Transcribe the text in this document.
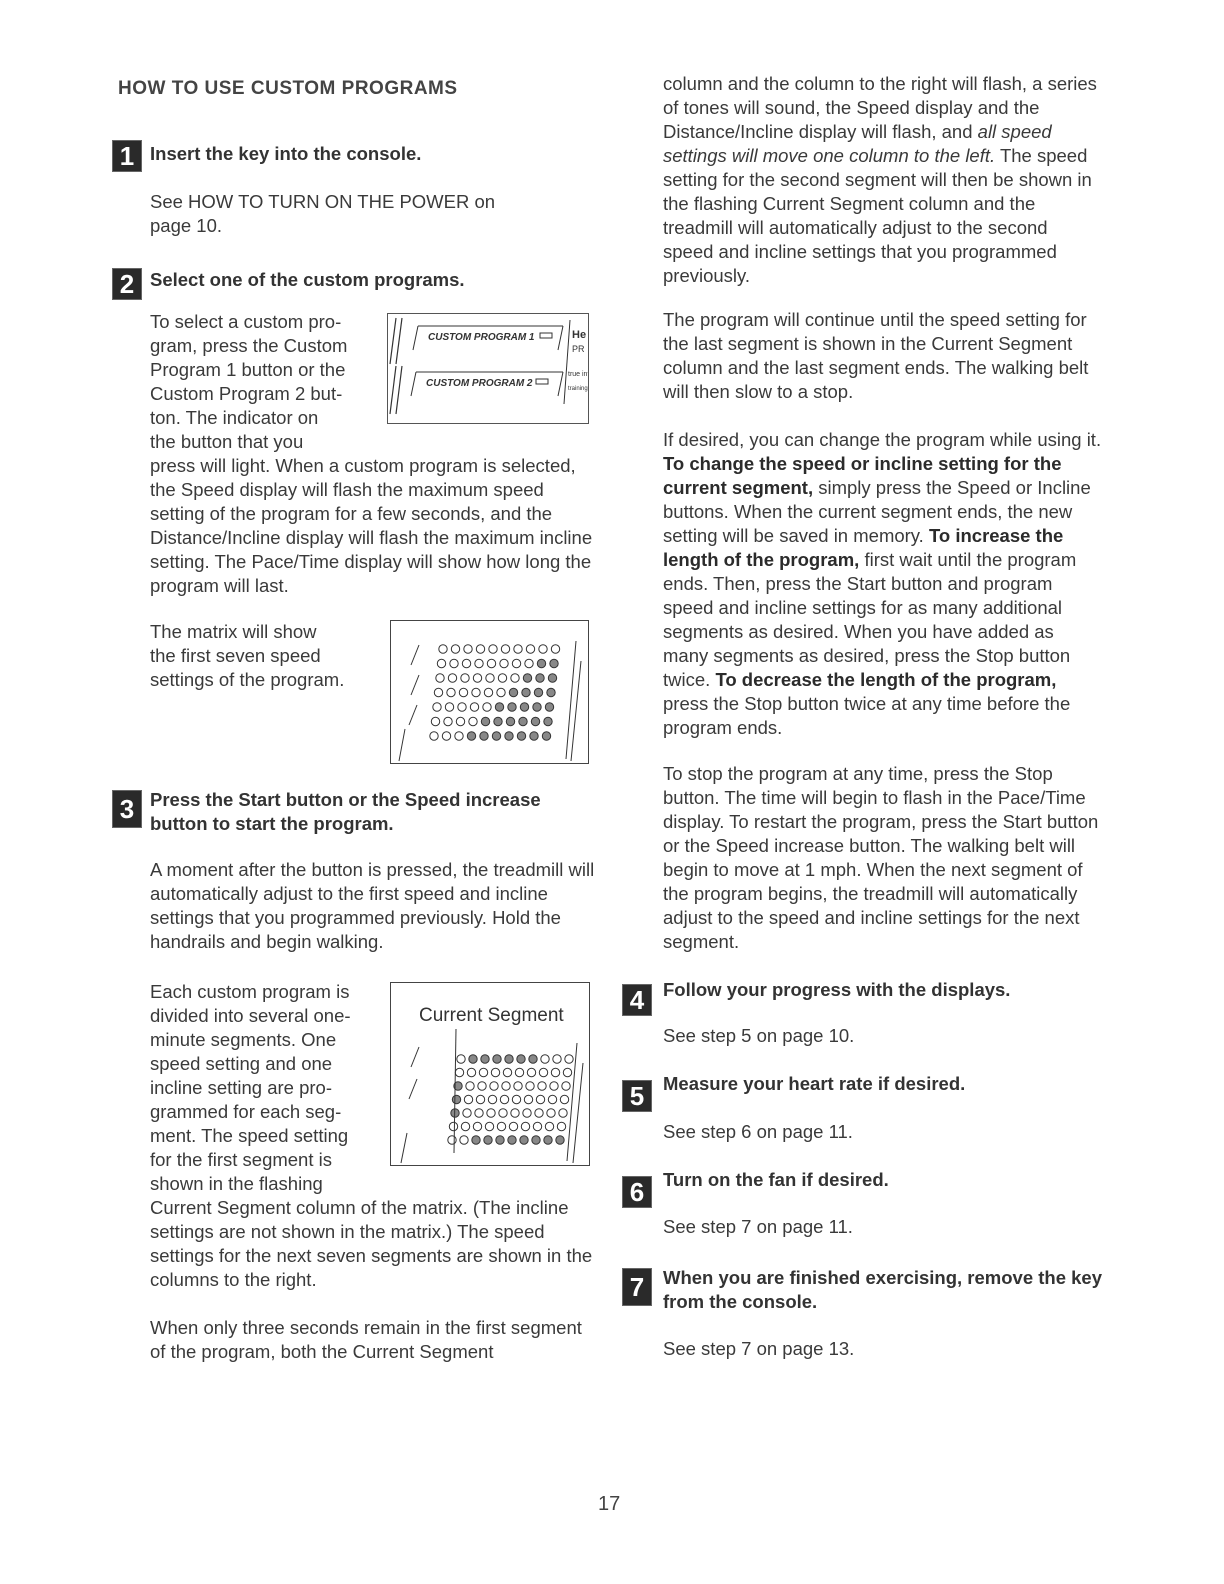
HOW TO USE CUSTOM PROGRAMS
1 Insert the key into the console.
See HOW TO TURN ON THE POWER on page 10.
2 Select one of the custom programs.
To select a custom pro-
gram, press the Custom
Program 1 button or the
Custom Program 2 but-
ton. The indicator on
the button that you
press will light. When a custom program is selected, the Speed display will flash the maximum speed setting of the program for a few seconds, and the Distance/Incline display will flash the maximum incline setting. The Pace/Time display will show how long the program will last.
CUSTOM PROGRAM 1
CUSTOM PROGRAM 2
He
PR
true int
training
The matrix will show
the first seven speed
settings of the program.
3 Press the Start button or the Speed increase button to start the program.
A moment after the button is pressed, the treadmill will automatically adjust to the first speed and incline settings that you programmed previously. Hold the handrails and begin walking.
Each custom program is
divided into several one-
minute segments. One
speed setting and one
incline setting are pro-
grammed for each seg-
ment. The speed setting
for the first segment is
shown in the flashing
Current Segment column of the matrix. (The incline settings are not shown in the matrix.) The speed settings for the next seven segments are shown in the columns to the right.
Current Segment
When only three seconds remain in the first segment of the program, both the Current Segment
column and the column to the right will flash, a series of tones will sound, the Speed display and the Distance/Incline display will flash, and all speed settings will move one column to the left. The speed setting for the second segment will then be shown in the flashing Current Segment column and the treadmill will automatically adjust to the second speed and incline settings that you programmed previously.
The program will continue until the speed setting for the last segment is shown in the Current Segment column and the last segment ends. The walking belt will then slow to a stop.
If desired, you can change the program while using it. To change the speed or incline setting for the current segment, simply press the Speed or Incline buttons. When the current segment ends, the new setting will be saved in memory. To increase the length of the program, first wait until the program ends. Then, press the Start button and program speed and incline settings for as many additional segments as desired. When you have added as many segments as desired, press the Stop button twice. To decrease the length of the program, press the Stop button twice at any time before the program ends.
To stop the program at any time, press the Stop button. The time will begin to flash in the Pace/Time display. To restart the program, press the Start button or the Speed increase button. The walking belt will begin to move at 1 mph. When the next segment of the program begins, the treadmill will automatically adjust to the speed and incline settings for the next segment.
4	Follow your progress with the displays.
See step 5 on page 10.
5	Measure your heart rate if desired.
See step 6 on page 11.
6	Turn on the fan if desired.
See step 7 on page 11.
7	When you are finished exercising, remove the key from the console.
See step 7 on page 13.
17
